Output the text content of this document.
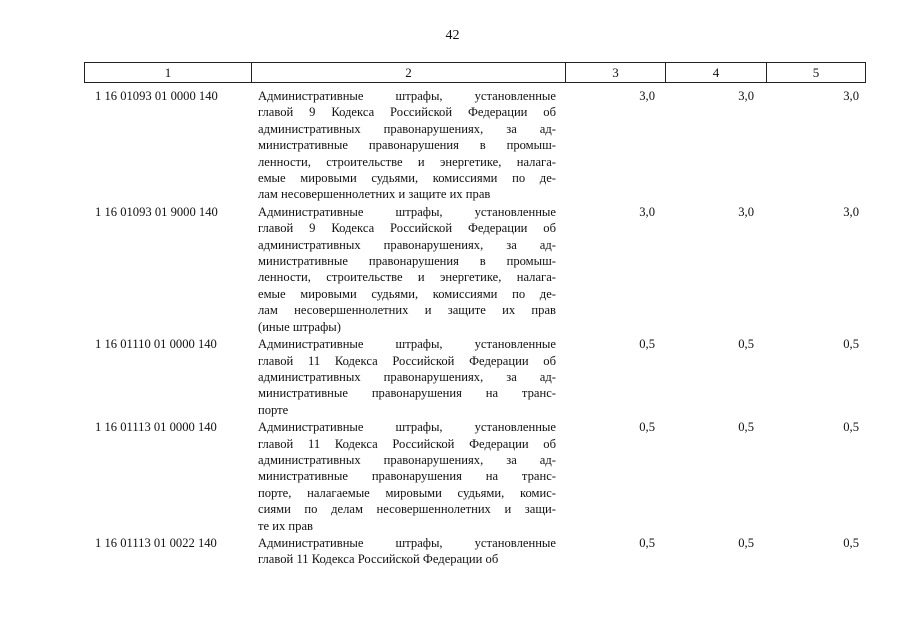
42
1	2	3	4	5
1 16 01093 01 0000 140	Административные штрафы, установленные
главой 9 Кодекса Российской Федерации об
административных правонарушениях, за ад-
министративные правонарушения в промыш-
ленности, строительстве и энергетике, налага-
емые мировыми судьями, комиссиями по де-
лам несовершеннолетних и защите их прав
3,0	3,0	3,0
1 16 01093 01 9000 140	Административные штрафы, установленные
главой 9 Кодекса Российской Федерации об
административных правонарушениях, за ад-
министративные правонарушения в промыш-
ленности, строительстве и энергетике, налага-
емые мировыми судьями, комиссиями по де-
лам несовершеннолетних и защите их прав
(иные штрафы)
3,0	3,0	3,0
1 16 01110 01 0000 140	Административные штрафы, установленные
главой 11 Кодекса Российской Федерации об
административных правонарушениях, за ад-
министративные правонарушения на транс-
порте
0,5	0,5	0,5
1 16 01113 01 0000 140	Административные штрафы, установленные
главой 11 Кодекса Российской Федерации об
административных правонарушениях, за ад-
министративные правонарушения на транс-
порте, налагаемые мировыми судьями, комис-
сиями по делам несовершеннолетних и защи-
те их прав
0,5	0,5	0,5
1 16 01113 01 0022 140	Административные штрафы, установленные
главой 11 Кодекса Российской Федерации об
0,5	0,5	0,5
